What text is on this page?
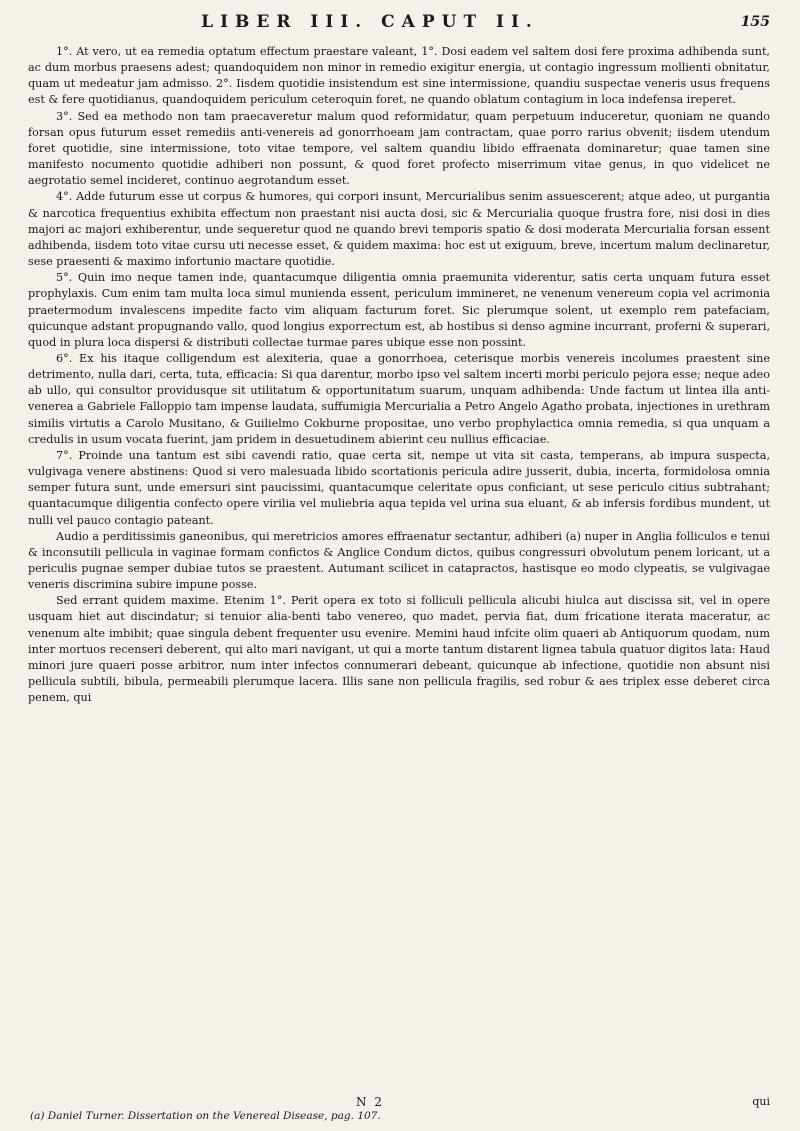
LIBER III. CAPUT II.	155

1°. At vero, ut ea remedia optatum effectum praestare valeant, 1°. Dosi eadem vel saltem dosi fere proxima adhibenda sunt, ac dum morbus praesens adest; quandoquidem non minor in remedio exigitur energia, ut contagio ingressum mollienti obnitatur, quam ut medeatur jam admisso. 2°. Iisdem quotidie insistendum est sine intermissione, quandiu suspectae veneris usus frequens est & fere quotidianus, quandoquidem periculum ceteroquin foret, ne quando oblatum contagium in loca indefensa ireperet.

3°. Sed ea methodo non tam praecaveretur malum quod reformidatur, quam perpetuum induceretur, quoniam ne quando forsan opus futurum esset remediis anti-venereis ad gonorrhoeam jam contractam, quae porro rarius obvenit; iisdem utendum foret quotidie, sine intermissione, toto vitae tempore, vel saltem quandiu libido effraenata dominaretur; quae tamen sine manifesto nocumento quotidie adhiberi non possunt, & quod foret profecto miserrimum vitae genus, in quo videlicet ne aegrotatio semel incideret, continuo aegrotandum esset.

4°. Adde futurum esse ut corpus & humores, qui corpori insunt, Mercurialibus senim assuescerent; atque adeo, ut purgantia & narcotica frequentius exhibita effectum non praestant nisi aucta dosi, sic & Mercurialia quoque frustra fore, nisi dosi in dies majori ac majori exhiberentur, unde sequeretur quod ne quando brevi temporis spatio & dosi moderata Mercurialia forsan essent adhibenda, iisdem toto vitae cursu uti necesse esset, & quidem maxima: hoc est ut exiguum, breve, incertum malum declinaretur, sese praesenti & maximo infortunio mactare quotidie.

5°. Quin imo neque tamen inde, quantacumque diligentia omnia praemunita viderentur, satis certa unquam futura esset prophylaxis. Cum enim tam multa loca simul munienda essent, periculum immineret, ne venenum venereum copia vel acrimonia praetermodum invalescens impedite facto vim aliquam facturum foret. Sic plerumque solent, ut exemplo rem patefaciam, quicunque adstant propugnando vallo, quod longius exporrectum est, ab hostibus si denso agmine incurrant, proferni & superari, quod in plura loca dispersi & distributi collectae turmae pares ubique esse non possint.

6°. Ex his itaque colligendum est alexiteria, quae a gonorrhoea, ceterisque morbis venereis incolumes praestent sine detrimento, nulla dari, certa, tuta, efficacia: Si qua darentur, morbo ipso vel saltem incerti morbi periculo pejora esse; neque adeo ab ullo, qui consultor providusque sit utilitatum & opportunitatum suarum, unquam adhibenda: Unde factum ut lintea illa anti-venerea a Gabriele Falloppio tam impense laudata, suffumigia Mercurialia a Petro Angelo Agatho probata, injectiones in urethram similis virtutis a Carolo Musitano, & Guilielmo Cokburne propositae, uno verbo prophylactica omnia remedia, si qua unquam a credulis in usum vocata fuerint, jam pridem in desuetudinem abierint ceu nullius efficaciae.

7°. Proinde una tantum est sibi cavendi ratio, quae certa sit, nempe ut vita sit casta, temperans, ab impura suspecta, vulgivaga venere abstinens: Quod si vero malesuada libido scortationis pericula adire jusserit, dubia, incerta, formidolosa omnia semper futura sunt, unde emersuri sint paucissimi, quantacumque celeritate opus conficiant, ut sese periculo citius subtrahant; quantacumque diligentia confecto opere virilia vel muliebria aqua tepida vel urina sua eluant, & ab infersis fordibus mundent, ut nulli vel pauco contagio pateant.

Audio a perditissimis ganeonibus, qui meretricios amores effraenatur sectantur, adhiberi (a) nuper in Anglia folliculos e tenui & inconsutili pellicula in vaginae formam confictos & Anglice Condum dictos, quibus congressuri obvolutum penem loricant, ut a periculis pugnae semper dubiae tutos se praestent. Autumant scilicet in catapractos, hastisque eo modo clypeatis, se vulgivagae veneris discrimina subire impune posse.

Sed errant quidem maxime. Etenim 1°. Perit opera ex toto si folliculi pellicula alicubi hiulca aut discissa sit, vel in opere usquam hiet aut discindatur; si tenuior alia-benti tabo venereo, quo madet, pervia fiat, dum fricatione iterata maceratur, ac venenum alte imbibit; quae singula debent frequenter usu evenire. Memini haud infcite olim quaeri ab Antiquorum quodam, num inter mortuos recenseri deberent, qui alto mari navigant, ut qui a morte tantum distarent lignea tabula quatuor digitos lata: Haud minori jure quaeri posse arbitror, num inter infectos connumerari debeant, quicunque ab infectione, quotidie non absunt nisi pellicula subtili, bibula, permeabili plerumque lacera. Illis sane non pellicula fragilis, sed robur & aes triplex esse deberet circa penem, qui

N 2	qui
(a) Daniel Turner. Dissertation on the Venereal Disease, pag. 107.
